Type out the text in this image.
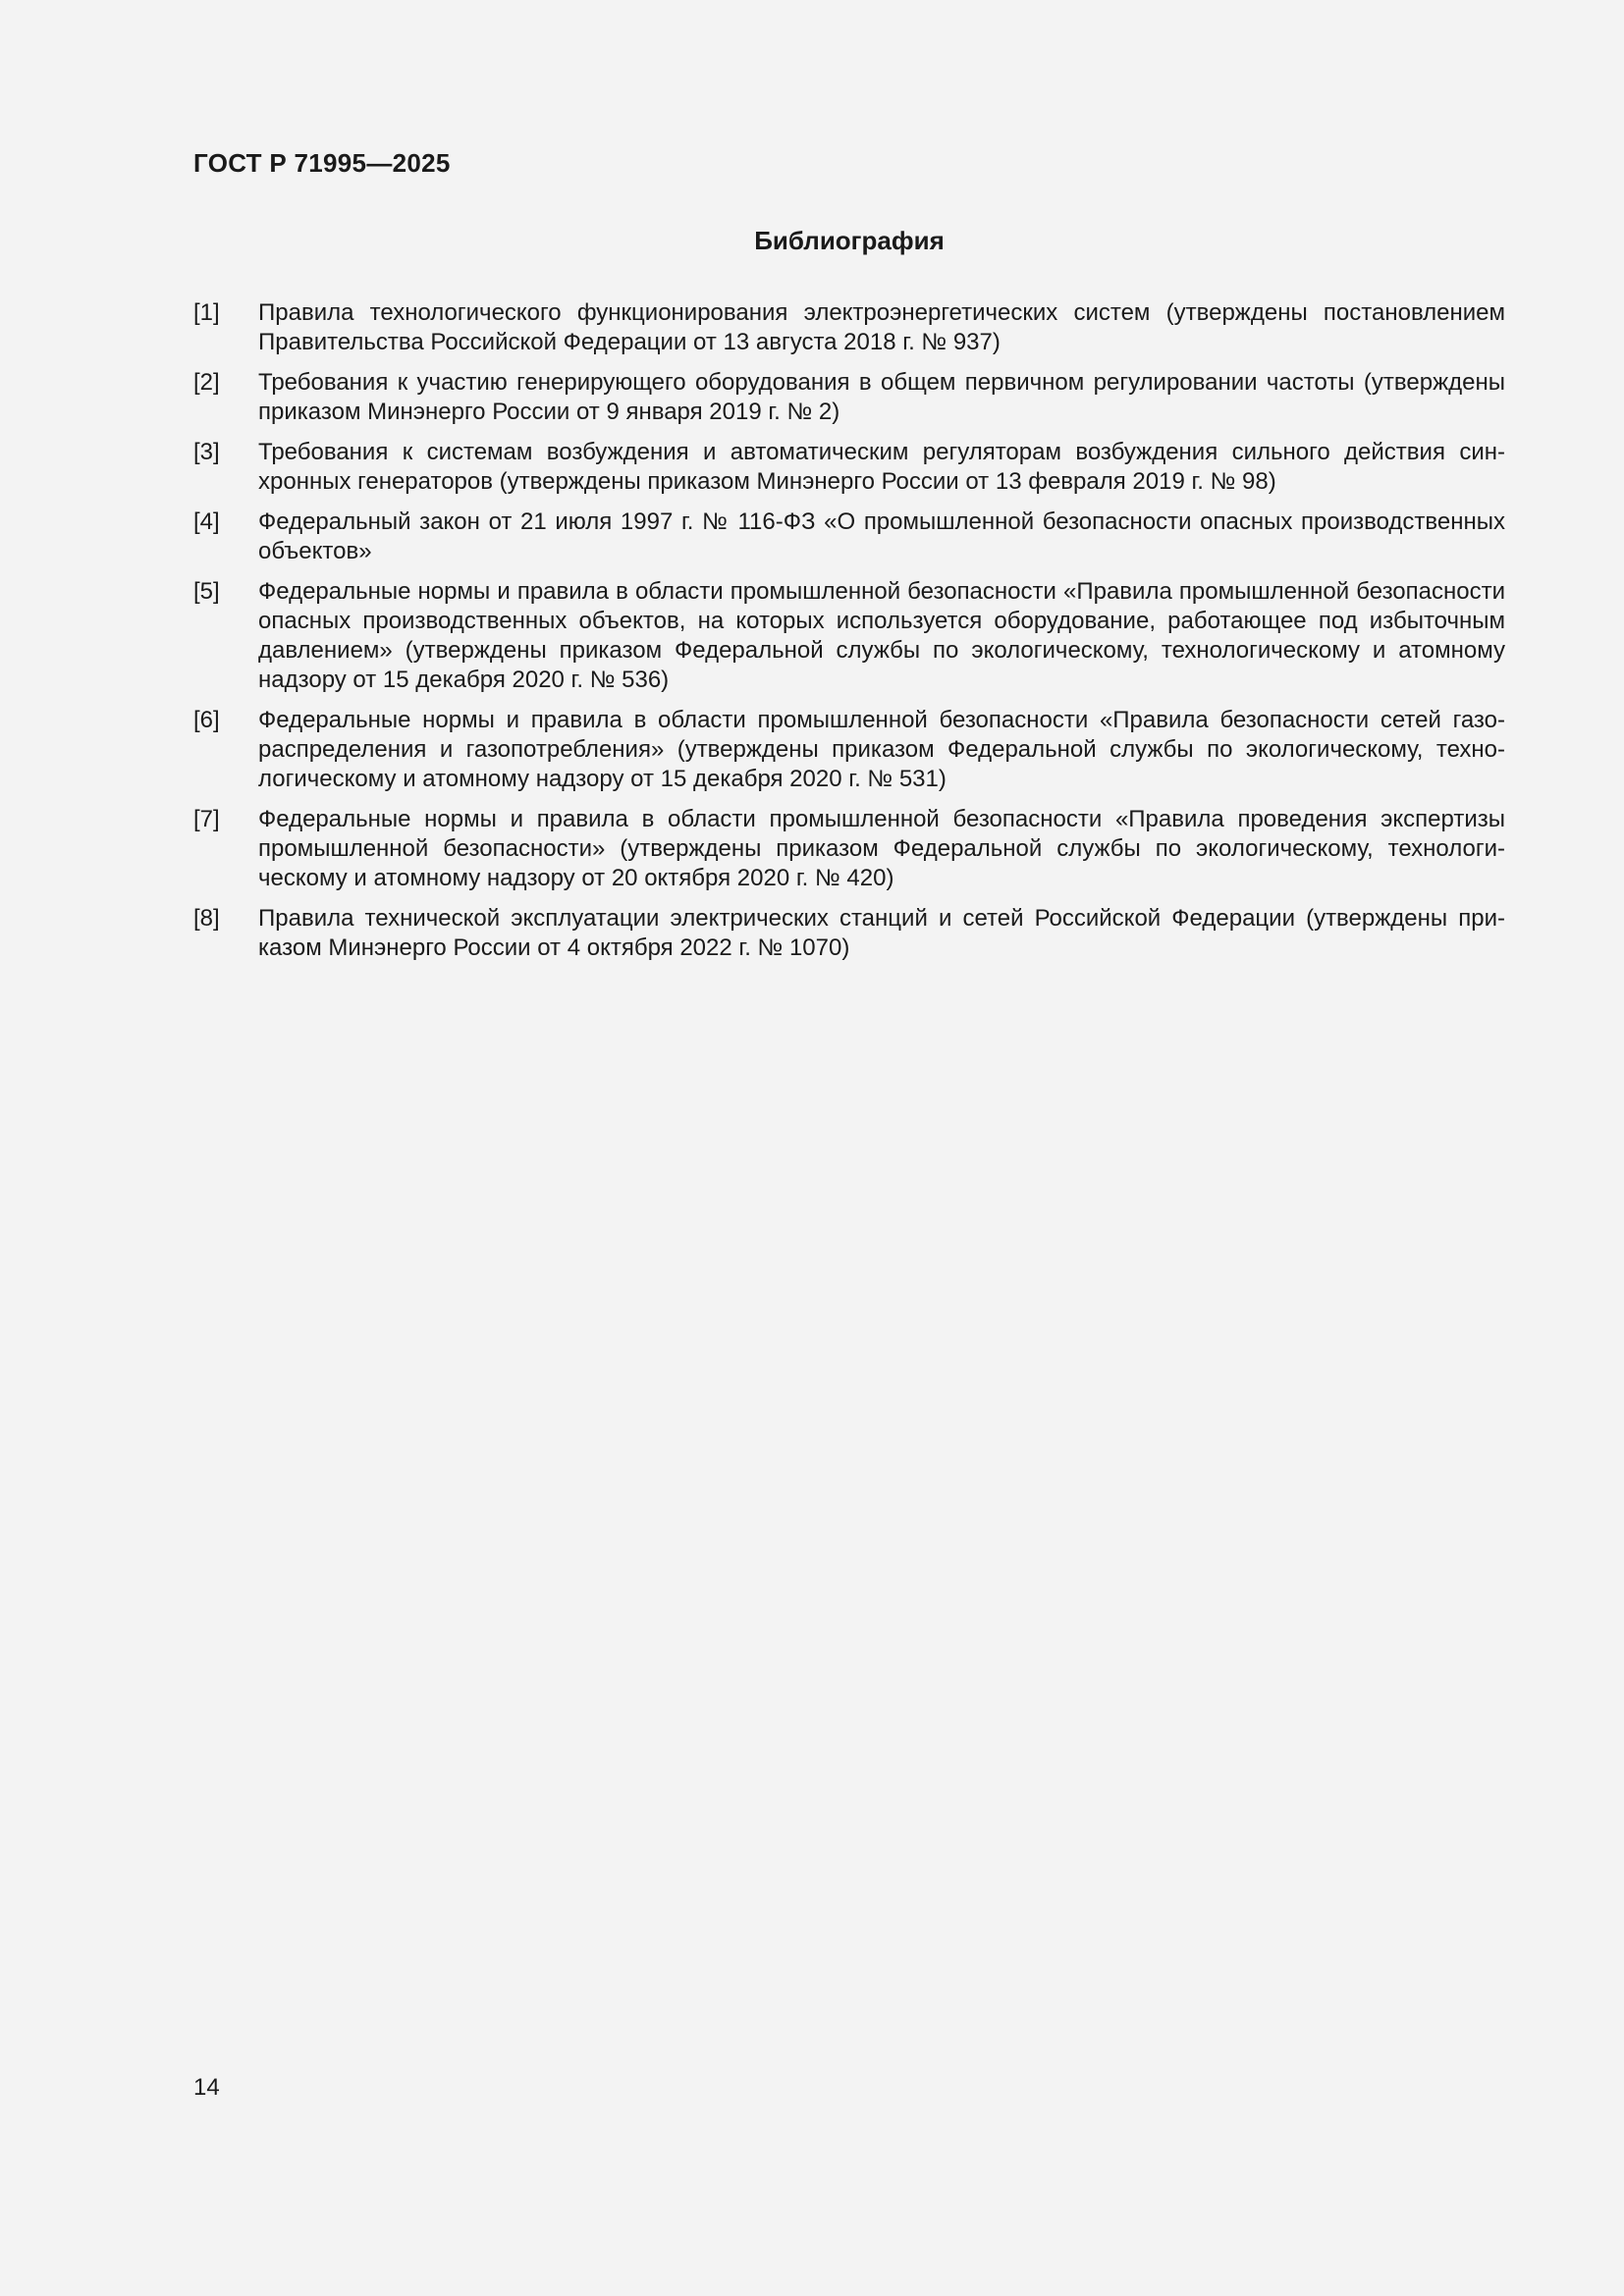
ГОСТ Р 71995—2025
Библиография
[1]	Правила технологического функционирования электроэнергетических систем (утверждены постановлением Правительства Российской Федерации от 13 августа 2018 г. № 937)
[2]	Требования к участию генерирующего оборудования в общем первичном регулировании частоты (утверждены приказом Минэнерго России от 9 января 2019 г. № 2)
[3]	Требования к системам возбуждения и автоматическим регуляторам возбуждения сильного действия синхронных генераторов (утверждены приказом Минэнерго России от 13 февраля 2019 г. № 98)
[4]	Федеральный закон от 21 июля 1997 г. № 116-ФЗ «О промышленной безопасности опасных производственных объектов»
[5]	Федеральные нормы и правила в области промышленной безопасности «Правила промышленной безопасности опасных производственных объектов, на которых используется оборудование, работающее под избыточным давлением» (утверждены приказом Федеральной службы по экологическому, технологическому и атомному надзору от 15 декабря 2020 г. № 536)
[6]	Федеральные нормы и правила в области промышленной безопасности «Правила безопасности сетей газораспределения и газопотребления» (утверждены приказом Федеральной службы по экологическому, технологическому и атомному надзору от 15 декабря 2020 г. № 531)
[7]	Федеральные нормы и правила в области промышленной безопасности «Правила проведения экспертизы промышленной безопасности» (утверждены приказом Федеральной службы по экологическому, технологическому и атомному надзору от 20 октября 2020 г. № 420)
[8]	Правила технической эксплуатации электрических станций и сетей Российской Федерации (утверждены приказом Минэнерго России от 4 октября 2022 г. № 1070)
14
